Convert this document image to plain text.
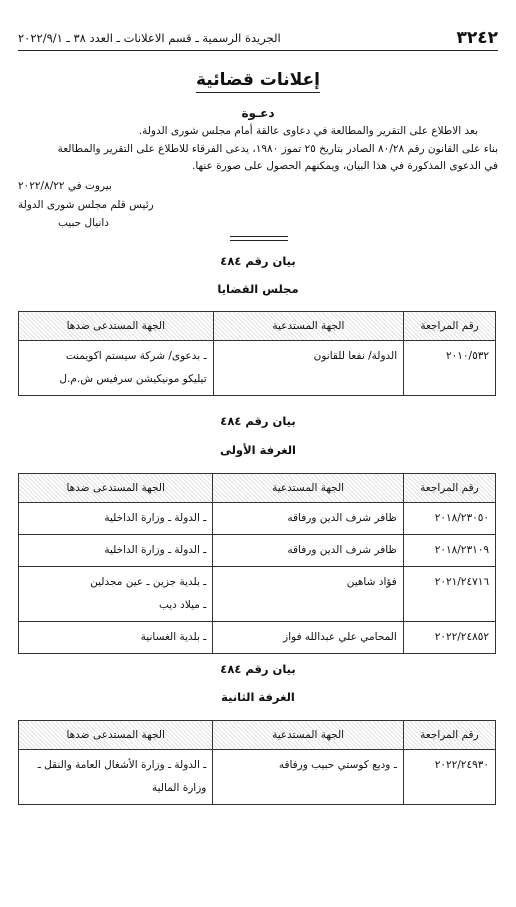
٣٢٤٢
الجريدة الرسمية ـ قسم الاعلانات ـ العدد ٣٨ ـ ٢٠٢٢/٩/١
إعلانات قضائية
دعـوة
بعد الاطلاع على التقرير والمطالعة في دعاوى عالقة أمام مجلس شورى الدولة.
بناء على القانون رقم ٨٠/٢٨ الصادر بتاريخ ٢٥ تموز ١٩٨٠، يدعى الفرقاء للاطلاع على التقرير والمطالعة
في الدعوى المذكورة في هذا البيان، ويمكنهم الحصول على صورة عنها.
بيروت في ٢٠٢٢/٨/٢٢
رئيس قلم مجلس شورى الدولة
دانيال حبيب
بيان رقم ٤٨٤
مجلس القضايا
رقم المراجعة	الجهة المستدعية	الجهة المستدعى ضدها
٢٠١٠/٥٣٢	الدولة/ نفعا للقانون	ـ بدعوى/ شركة سيستم اكويمنت
تيليكو مونيكيشن سرفيس ش.م.ل
بيان رقم ٤٨٤
الغرفة الأولى
رقم المراجعة	الجهة المستدعية	الجهة المستدعى ضدها
٢٠١٨/٢٣٠٥٠	ظافر شرف الدين ورفاقه	ـ الدولة ـ وزارة الداخلية

٢٠١٨/٢٣١٠٩	ظافر شرف الدين ورفاقه	ـ الدولة ـ وزارة الداخلية

٢٠٢١/٢٤٧١٦	فؤاد شاهين	ـ بلدية جزين ـ عين مجدلين
ـ ميلاد ديب

٢٠٢٢/٢٤٨٥٢	المحامي علي عبدالله فواز	ـ بلدية الغسانية
بيان رقم ٤٨٤
الغرفة الثانية
رقم المراجعة	الجهة المستدعية	الجهة المستدعى ضدها
٢٠٢٢/٢٤٩٣٠	ـ وديع كوستي حبيب ورفاقه	ـ الدولة ـ وزارة الأشغال العامة والنقل ـ
وزارة المالية
